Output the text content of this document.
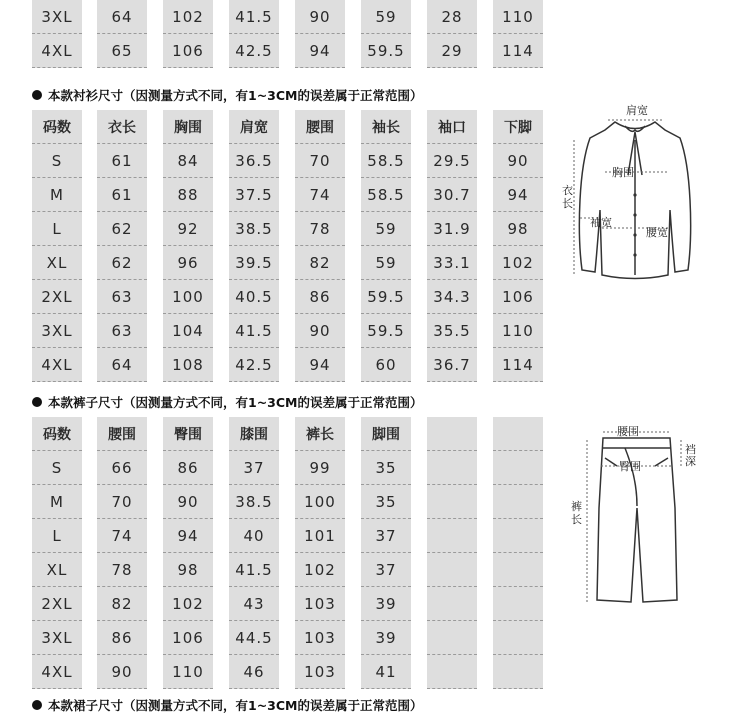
3XL	64	102	41.5	90	59	28	110
4XL	65	106	42.5	94	59.5	29	114
本款衬衫尺寸（因测量方式不同，有1~3CM的误差属于正常范围）
码数	衣长	胸围	肩宽	腰围	袖长	袖口	下脚
S	61	84	36.5	70	58.5	29.5	90
M	61	88	37.5	74	58.5	30.7	94
L	62	92	38.5	78	59	31.9	98
XL	62	96	39.5	82	59	33.1	102
2XL	63	100	40.5	86	59.5	34.3	106
3XL	63	104	41.5	90	59.5	35.5	110
4XL	64	108	42.5	94	60	36.7	114
肩宽
胸围
衣长
袖宽
腰宽
本款裤子尺寸（因测量方式不同，有1~3CM的误差属于正常范围）
码数	腰围	臀围	膝围	裤长	脚围
S	66	86	37	99	35
M	70	90	38.5	100	35
L	74	94	40	101	37
XL	78	98	41.5	102	37
2XL	82	102	43	103	39
3XL	86	106	44.5	103	39
4XL	90	110	46	103	41
腰围
臀围
裆深
裤长
本款裙子尺寸（因测量方式不同，有1~3CM的误差属于正常范围）
